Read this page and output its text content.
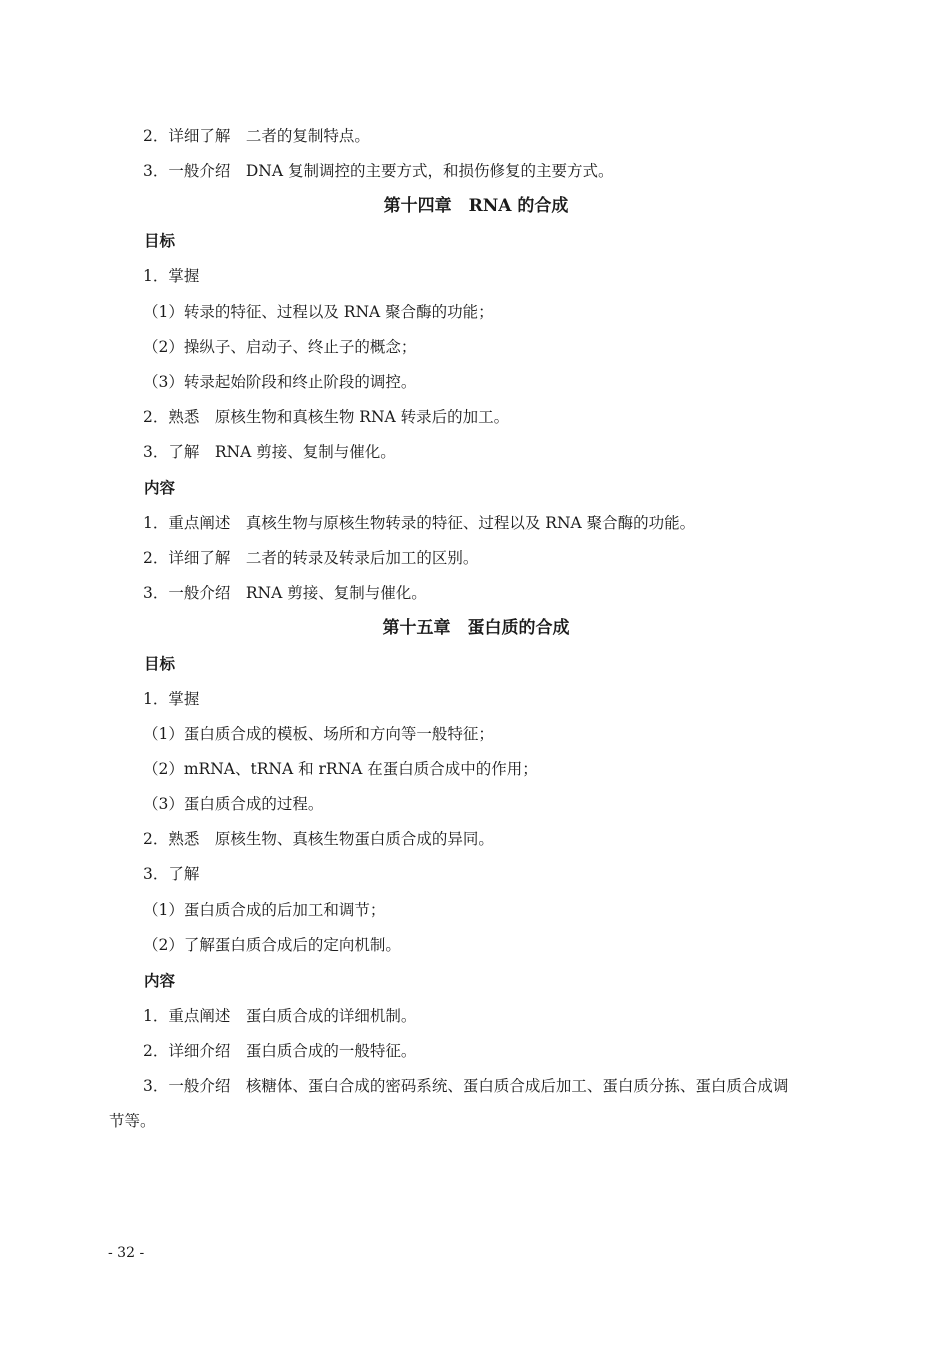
2．详细了解　二者的复制特点。
3．一般介绍　DNA 复制调控的主要方式，和损伤修复的主要方式。
第十四章　RNA 的合成
目标
1．掌握
（1）转录的特征、过程以及 RNA 聚合酶的功能；
（2）操纵子、启动子、终止子的概念；
（3）转录起始阶段和终止阶段的调控。
2．熟悉　原核生物和真核生物 RNA 转录后的加工。
3．了解　RNA 剪接、复制与催化。
内容
1．重点阐述　真核生物与原核生物转录的特征、过程以及 RNA 聚合酶的功能。
2．详细了解　二者的转录及转录后加工的区别。
3．一般介绍　RNA 剪接、复制与催化。
第十五章　蛋白质的合成
目标
1．掌握
（1）蛋白质合成的模板、场所和方向等一般特征；
（2）mRNA、tRNA 和 rRNA 在蛋白质合成中的作用；
（3）蛋白质合成的过程。
2．熟悉　原核生物、真核生物蛋白质合成的异同。
3．了解
（1）蛋白质合成的后加工和调节；
（2）了解蛋白质合成后的定向机制。
内容
1．重点阐述　蛋白质合成的详细机制。
2．详细介绍　蛋白质合成的一般特征。
3．一般介绍　核糖体、蛋白合成的密码系统、蛋白质合成后加工、蛋白质分拣、蛋白质合成调
节等。
- 32 -
